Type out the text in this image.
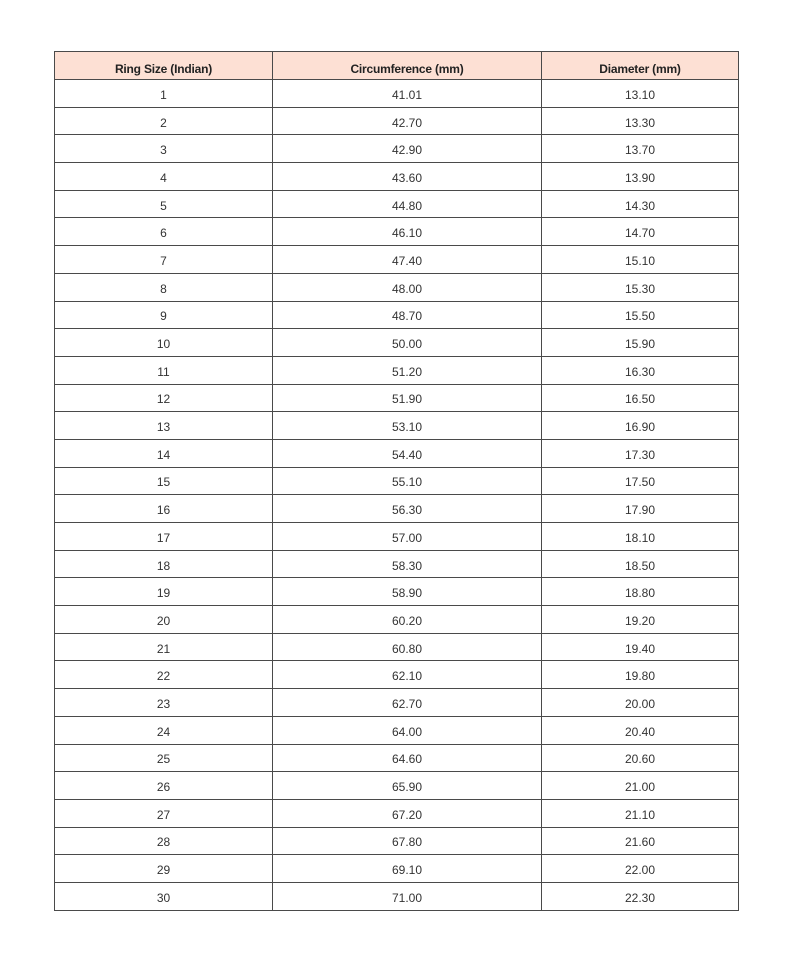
Ring Size (Indian)	Circumference (mm)	Diameter (mm)
1	41.01	13.10
2	42.70	13.30
3	42.90	13.70
4	43.60	13.90
5	44.80	14.30
6	46.10	14.70
7	47.40	15.10
8	48.00	15.30
9	48.70	15.50
10	50.00	15.90
11	51.20	16.30
12	51.90	16.50
13	53.10	16.90
14	54.40	17.30
15	55.10	17.50
16	56.30	17.90
17	57.00	18.10
18	58.30	18.50
19	58.90	18.80
20	60.20	19.20
21	60.80	19.40
22	62.10	19.80
23	62.70	20.00
24	64.00	20.40
25	64.60	20.60
26	65.90	21.00
27	67.20	21.10
28	67.80	21.60
29	69.10	22.00
30	71.00	22.30
